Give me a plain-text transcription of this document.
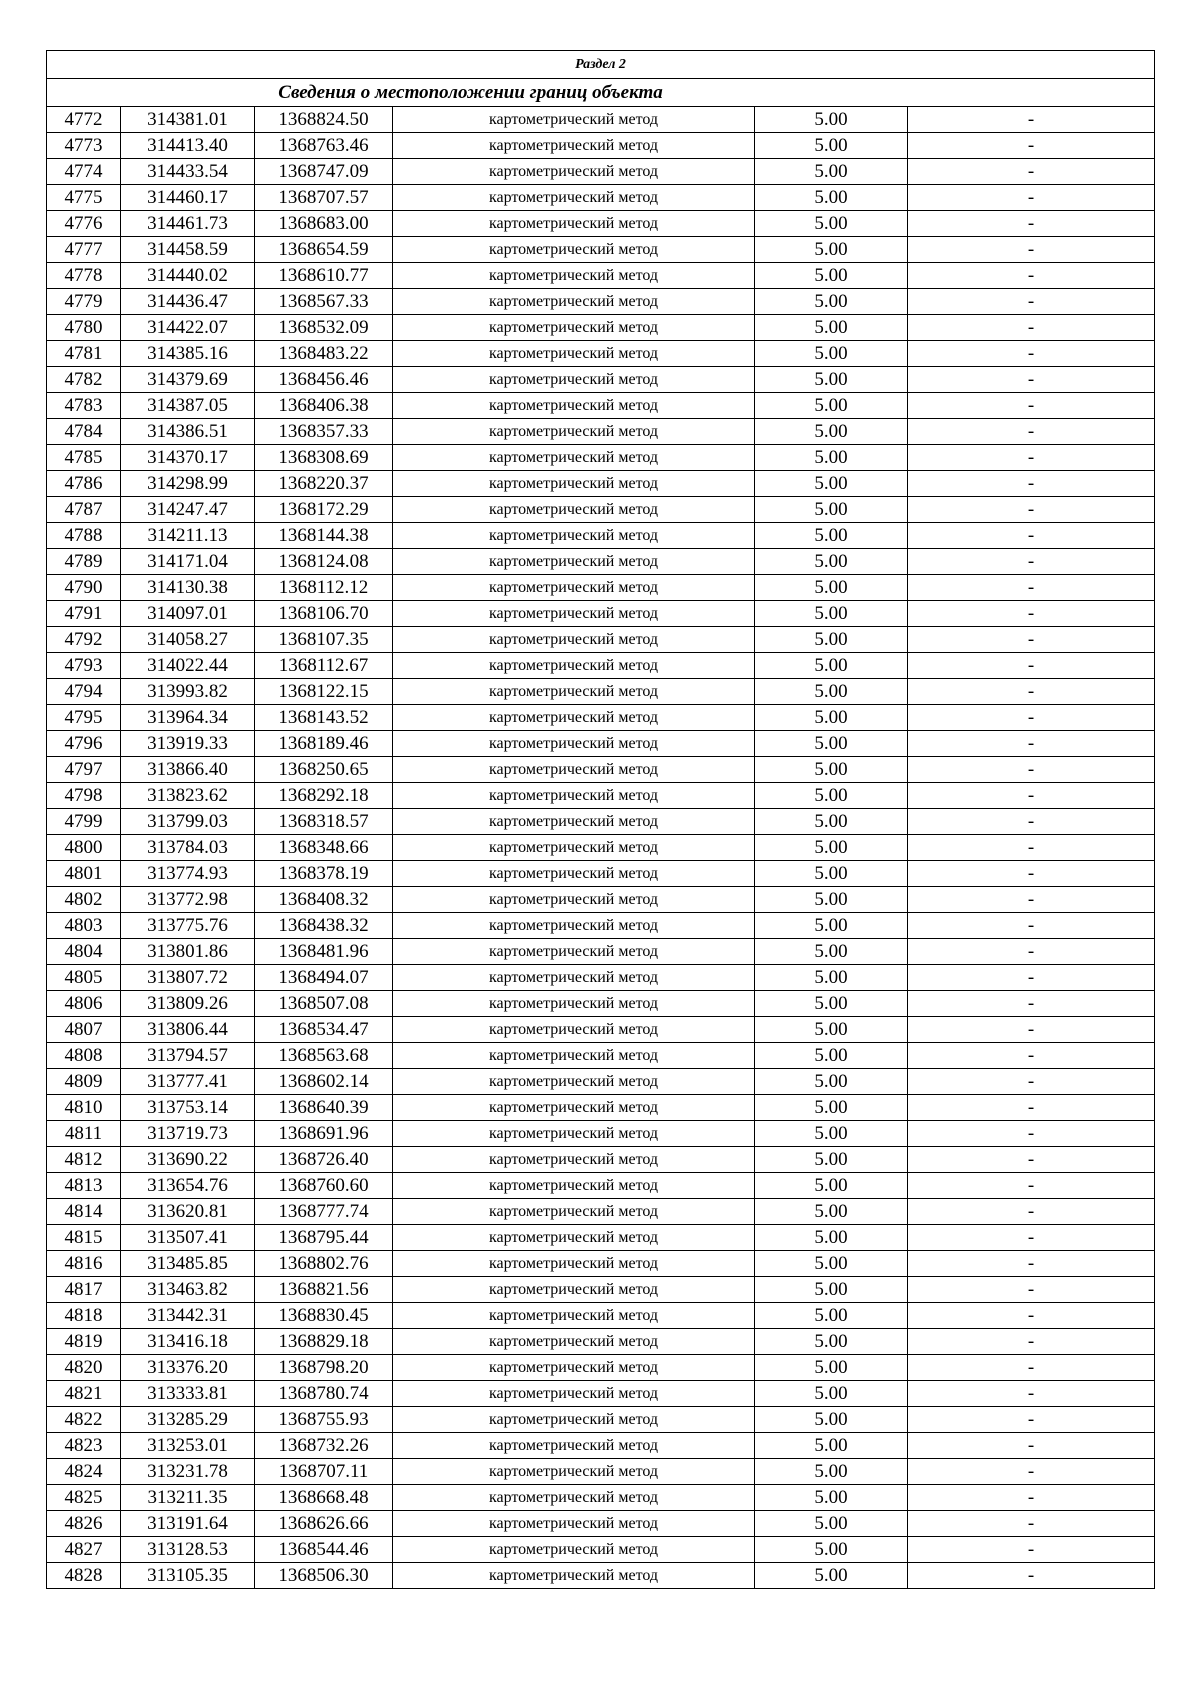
Раздел 2					
Сведения о местоположении границ объекта					
4772	314381.01	1368824.50	картометрический метод	5.00	-
4773	314413.40	1368763.46	картометрический метод	5.00	-
4774	314433.54	1368747.09	картометрический метод	5.00	-
4775	314460.17	1368707.57	картометрический метод	5.00	-
4776	314461.73	1368683.00	картометрический метод	5.00	-
4777	314458.59	1368654.59	картометрический метод	5.00	-
4778	314440.02	1368610.77	картометрический метод	5.00	-
4779	314436.47	1368567.33	картометрический метод	5.00	-
4780	314422.07	1368532.09	картометрический метод	5.00	-
4781	314385.16	1368483.22	картометрический метод	5.00	-
4782	314379.69	1368456.46	картометрический метод	5.00	-
4783	314387.05	1368406.38	картометрический метод	5.00	-
4784	314386.51	1368357.33	картометрический метод	5.00	-
4785	314370.17	1368308.69	картометрический метод	5.00	-
4786	314298.99	1368220.37	картометрический метод	5.00	-
4787	314247.47	1368172.29	картометрический метод	5.00	-
4788	314211.13	1368144.38	картометрический метод	5.00	-
4789	314171.04	1368124.08	картометрический метод	5.00	-
4790	314130.38	1368112.12	картометрический метод	5.00	-
4791	314097.01	1368106.70	картометрический метод	5.00	-
4792	314058.27	1368107.35	картометрический метод	5.00	-
4793	314022.44	1368112.67	картометрический метод	5.00	-
4794	313993.82	1368122.15	картометрический метод	5.00	-
4795	313964.34	1368143.52	картометрический метод	5.00	-
4796	313919.33	1368189.46	картометрический метод	5.00	-
4797	313866.40	1368250.65	картометрический метод	5.00	-
4798	313823.62	1368292.18	картометрический метод	5.00	-
4799	313799.03	1368318.57	картометрический метод	5.00	-
4800	313784.03	1368348.66	картометрический метод	5.00	-
4801	313774.93	1368378.19	картометрический метод	5.00	-
4802	313772.98	1368408.32	картометрический метод	5.00	-
4803	313775.76	1368438.32	картометрический метод	5.00	-
4804	313801.86	1368481.96	картометрический метод	5.00	-
4805	313807.72	1368494.07	картометрический метод	5.00	-
4806	313809.26	1368507.08	картометрический метод	5.00	-
4807	313806.44	1368534.47	картометрический метод	5.00	-
4808	313794.57	1368563.68	картометрический метод	5.00	-
4809	313777.41	1368602.14	картометрический метод	5.00	-
4810	313753.14	1368640.39	картометрический метод	5.00	-
4811	313719.73	1368691.96	картометрический метод	5.00	-
4812	313690.22	1368726.40	картометрический метод	5.00	-
4813	313654.76	1368760.60	картометрический метод	5.00	-
4814	313620.81	1368777.74	картометрический метод	5.00	-
4815	313507.41	1368795.44	картометрический метод	5.00	-
4816	313485.85	1368802.76	картометрический метод	5.00	-
4817	313463.82	1368821.56	картометрический метод	5.00	-
4818	313442.31	1368830.45	картометрический метод	5.00	-
4819	313416.18	1368829.18	картометрический метод	5.00	-
4820	313376.20	1368798.20	картометрический метод	5.00	-
4821	313333.81	1368780.74	картометрический метод	5.00	-
4822	313285.29	1368755.93	картометрический метод	5.00	-
4823	313253.01	1368732.26	картометрический метод	5.00	-
4824	313231.78	1368707.11	картометрический метод	5.00	-
4825	313211.35	1368668.48	картометрический метод	5.00	-
4826	313191.64	1368626.66	картометрический метод	5.00	-
4827	313128.53	1368544.46	картометрический метод	5.00	-
4828	313105.35	1368506.30	картометрический метод	5.00	-
